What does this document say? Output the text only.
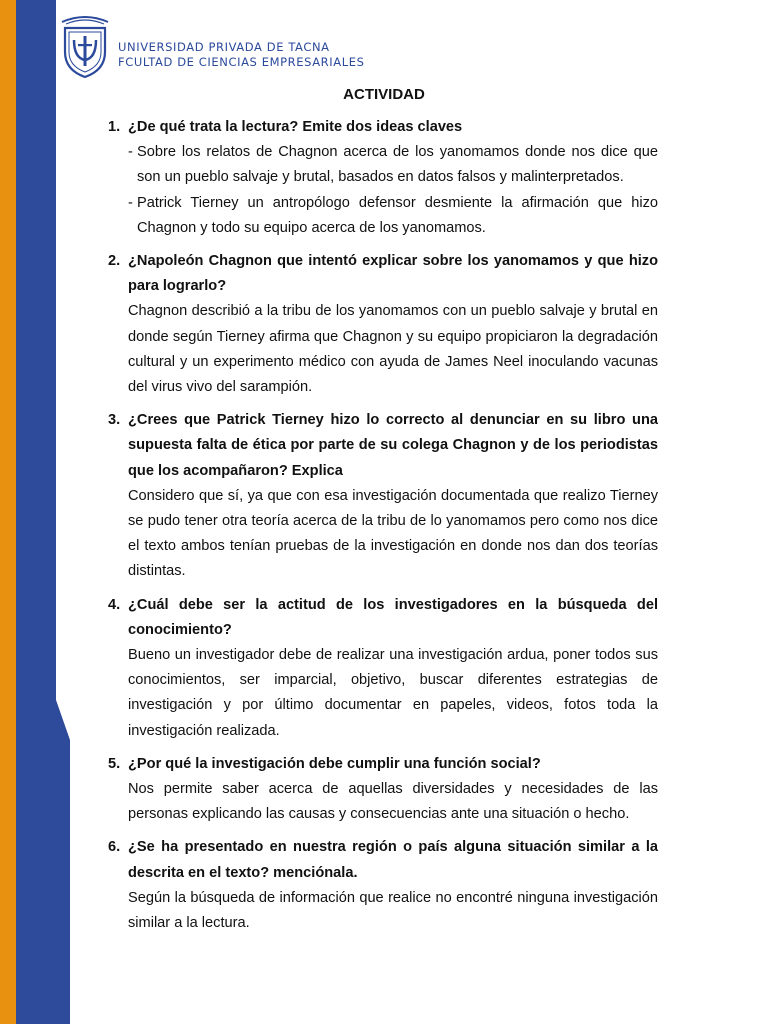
UNIVERSIDAD PRIVADA DE TACNA
FCULTAD DE CIENCIAS EMPRESARIALES
ACTIVIDAD
1. ¿De qué trata la lectura? Emite dos ideas claves
- Sobre los relatos de Chagnon acerca de los yanomamos donde nos dice que son un pueblo salvaje y brutal, basados en datos falsos y malinterpretados.
- Patrick Tierney un antropólogo defensor desmiente la afirmación que hizo Chagnon y todo su equipo acerca de los yanomamos.
2. ¿Napoleón Chagnon que intentó explicar sobre los yanomamos y que hizo para lograrlo?
Chagnon describió a la tribu de los yanomamos con un pueblo salvaje y brutal en donde según Tierney afirma que Chagnon y su equipo propiciaron la degradación cultural y un experimento médico con ayuda de James Neel inoculando vacunas del virus vivo del sarampión.
3. ¿Crees que Patrick Tierney hizo lo correcto al denunciar en su libro una supuesta falta de ética por parte de su colega Chagnon y de los periodistas que los acompañaron? Explica
Considero que sí, ya que con esa investigación documentada que realizo Tierney se pudo tener otra teoría acerca de la tribu de lo yanomamos pero como nos dice el texto ambos tenían pruebas de la investigación en donde nos dan dos teorías distintas.
4. ¿Cuál debe ser la actitud de los investigadores en la búsqueda del conocimiento?
Bueno un investigador debe de realizar una investigación ardua, poner todos sus conocimientos, ser imparcial, objetivo, buscar diferentes estrategias de investigación y por último documentar en papeles, videos, fotos toda la investigación realizada.
5. ¿Por qué la investigación debe cumplir una función social?
Nos permite saber acerca de aquellas diversidades y necesidades de las personas explicando las causas y consecuencias ante una situación o hecho.
6. ¿Se ha presentado en nuestra región o país alguna situación similar a la descrita en el texto? menciónala.
Según la búsqueda de información que realice no encontré ninguna investigación similar a la lectura.
